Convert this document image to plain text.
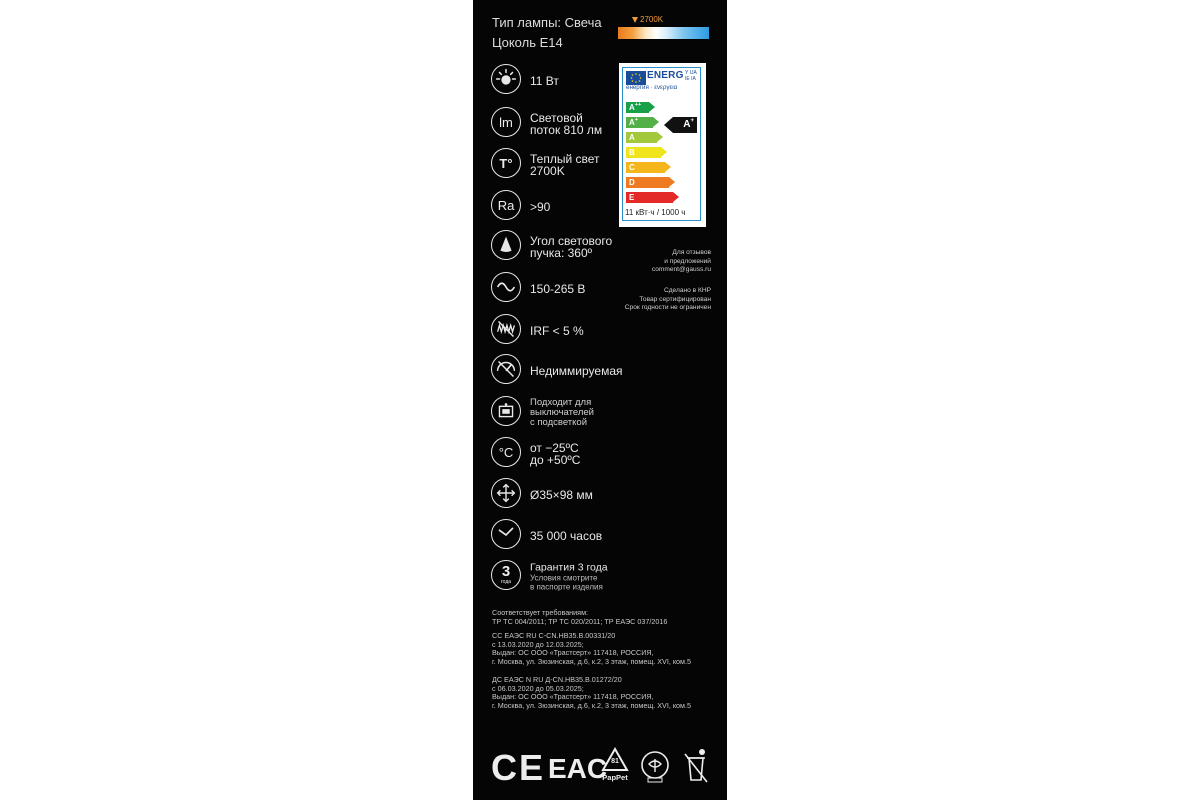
Тип лампы: Свеча
Цоколь E14
2700K
11 Вт
lm	Световой
поток 810 лм
T°	Теплый свет
2700K
Ra	>90
Угол светового
пучка: 360º
150-265 В
IRF < 5 %
Недиммируемая
Подходит для
выключателей
с подсветкой
°C	от −25ºC
до +50ºC
Ø35×98 мм
35 000 часов
3
года
Гарантия 3 года
Условия смотрите
в паспорте изделия
ENERG Y IJA
IE IA
енергия · ενεργεια
A++
A+
A
B
C
D
E
A+
11 кВт·ч / 1000 ч
Для отзывов
и предложений
comment@gauss.ru
Сделано в КНР
Товар сертифицирован
Срок годности не ограничен
Соответствует требованиям:
ТР ТС 004/2011; ТР ТС 020/2011; ТР ЕАЭС 037/2016
СС ЕАЭС RU С-CN.НВ35.В.00331/20
с 13.03.2020 до 12.03.2025;
Выдан: ОС ООО «Трастсерт» 117418, РОССИЯ,
г. Москва, ул. Зюзинская, д.6, к.2, 3 этаж, помещ. XVI, ком.5
ДС ЕАЭС N RU Д-CN.НВ35.В.01272/20
с 06.03.2020 до 05.03.2025;
Выдан: ОС ООО «Трастсерт» 117418, РОССИЯ,
г. Москва, ул. Зюзинская, д.6, к.2, 3 этаж, помещ. XVI, ком.5
CE EAC 81
PapPet
